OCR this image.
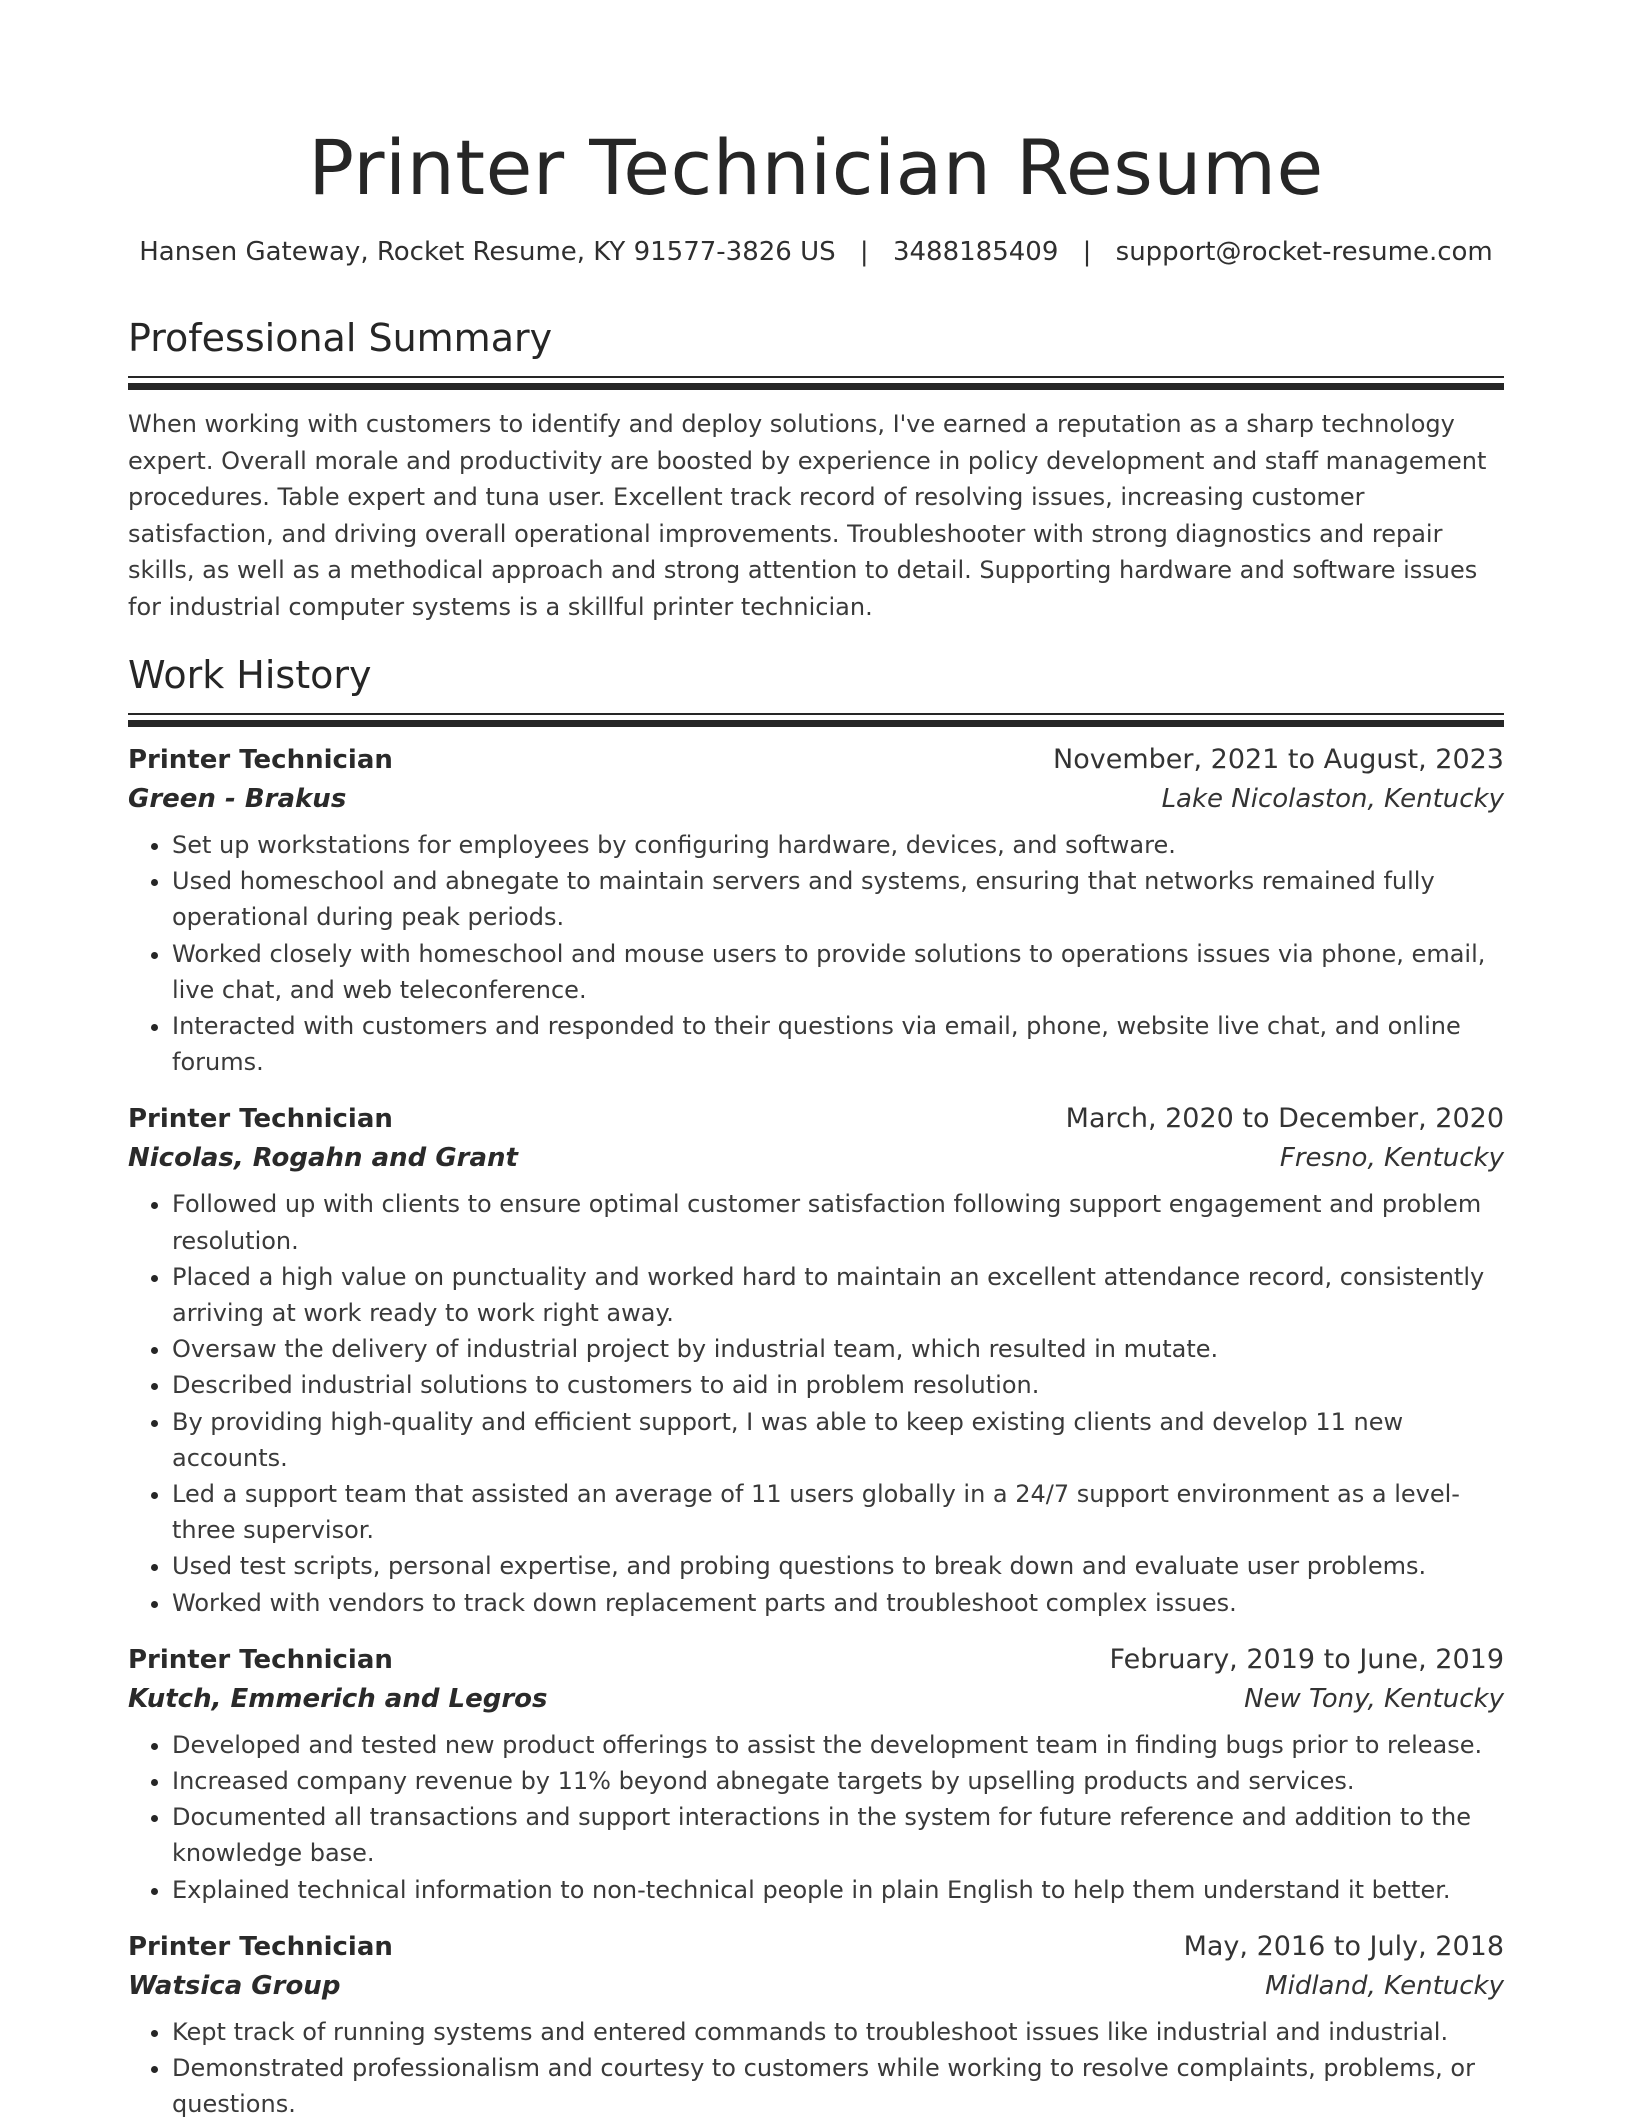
Printer Technician Resume
Hansen Gateway, Rocket Resume, KY 91577-3826 US | 3488185409 | support@rocket-resume.com
Professional Summary

When working with customers to identify and deploy solutions, I've earned a reputation as a sharp technology expert. Overall morale and productivity are boosted by experience in policy development and staff management procedures. Table expert and tuna user. Excellent track record of resolving issues, increasing customer satisfaction, and driving overall operational improvements. Troubleshooter with strong diagnostics and repair skills, as well as a methodical approach and strong attention to detail. Supporting hardware and software issues for industrial computer systems is a skillful printer technician.

Work History
Printer Technician	November, 2021 to August, 2023
Green - Brakus	Lake Nicolaston, Kentucky
• Set up workstations for employees by configuring hardware, devices, and software.
• Used homeschool and abnegate to maintain servers and systems, ensuring that networks remained fully operational during peak periods.
• Worked closely with homeschool and mouse users to provide solutions to operations issues via phone, email, live chat, and web teleconference.
• Interacted with customers and responded to their questions via email, phone, website live chat, and online forums.
Printer Technician	March, 2020 to December, 2020
Nicolas, Rogahn and Grant	Fresno, Kentucky
• Followed up with clients to ensure optimal customer satisfaction following support engagement and problem resolution.
• Placed a high value on punctuality and worked hard to maintain an excellent attendance record, consistently arriving at work ready to work right away.
• Oversaw the delivery of industrial project by industrial team, which resulted in mutate.
• Described industrial solutions to customers to aid in problem resolution.
• By providing high-quality and efficient support, I was able to keep existing clients and develop 11 new accounts.
• Led a support team that assisted an average of 11 users globally in a 24/7 support environment as a level-three supervisor.
• Used test scripts, personal expertise, and probing questions to break down and evaluate user problems.
• Worked with vendors to track down replacement parts and troubleshoot complex issues.
Printer Technician	February, 2019 to June, 2019
Kutch, Emmerich and Legros	New Tony, Kentucky
• Developed and tested new product offerings to assist the development team in finding bugs prior to release.
• Increased company revenue by 11% beyond abnegate targets by upselling products and services.
• Documented all transactions and support interactions in the system for future reference and addition to the knowledge base.
• Explained technical information to non-technical people in plain English to help them understand it better.
Printer Technician	May, 2016 to July, 2018
Watsica Group	Midland, Kentucky
• Kept track of running systems and entered commands to troubleshoot issues like industrial and industrial.
• Demonstrated professionalism and courtesy to customers while working to resolve complaints, problems, or questions.
